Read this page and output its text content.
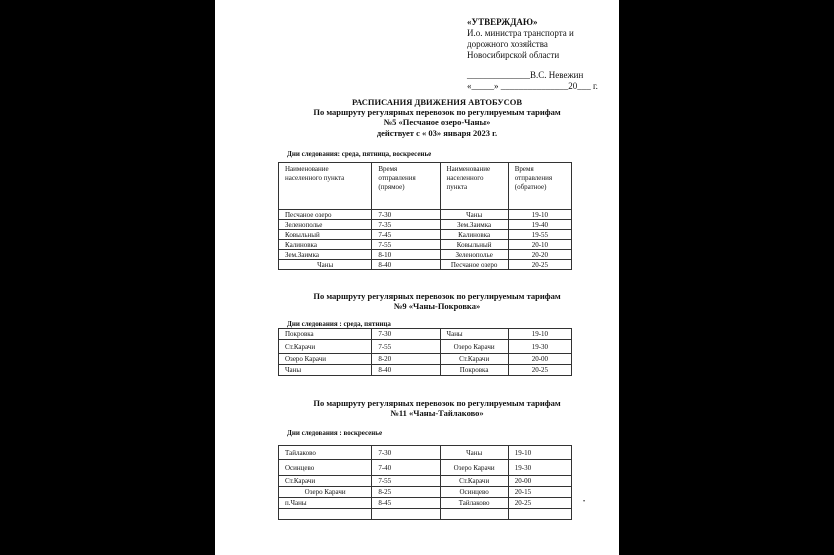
«УТВЕРЖДАЮ»
И.о. министра транспорта и
дорожного хозяйства
Новосибирской области
______________В.С. Невежин
«_____» _______________20___ г.
РАСПИСАНИЯ ДВИЖЕНИЯ АВТОБУСОВ
По маршруту регулярных перевозок по регулируемым тарифам
№5 «Песчаное озеро-Чаны»
действует с « 03» января 2023 г.
Дни следования: среда, пятница, воскресенье
Наименование населенного пункта	Время отправления (прямое)	Наименование населенного пункта	Время отправления (обратное)
Песчаное озеро	7-30	Чаны	19-10
Зеленополье	7-35	Зем.Заимка	19-40
Ковыльный	7-45	Калиновка	19-55
Калиновка	7-55	Ковыльный	20-10
Зем.Заимка	8-10	Зеленополье	20-20
Чаны	8-40	Песчаное озеро	20-25
По маршруту регулярных перевозок по регулируемым тарифам
№9 «Чаны-Покровка»
Дни следования : среда, пятница
Покровка	7-30	Чаны	19-10
Ст.Карачи	7-55	Озеро Карачи	19-30
Озеро Карачи	8-20	Ст.Карачи	20-00
Чаны	8-40	Покровка	20-25
По маршруту регулярных перевозок по регулируемым тарифам
№11 «Чаны-Тайлаково»
Дни следования : воскресенье
Тайлаково	7-30	Чаны	19-10
Осинцево	7-40	Озеро Карачи	19-30
Ст.Карачи	7-55	Ст.Карачи	20-00
Озеро Карачи	8-25	Осинцево	20-15
п.Чаны	8-45	Тайлаково	20-25
				•
